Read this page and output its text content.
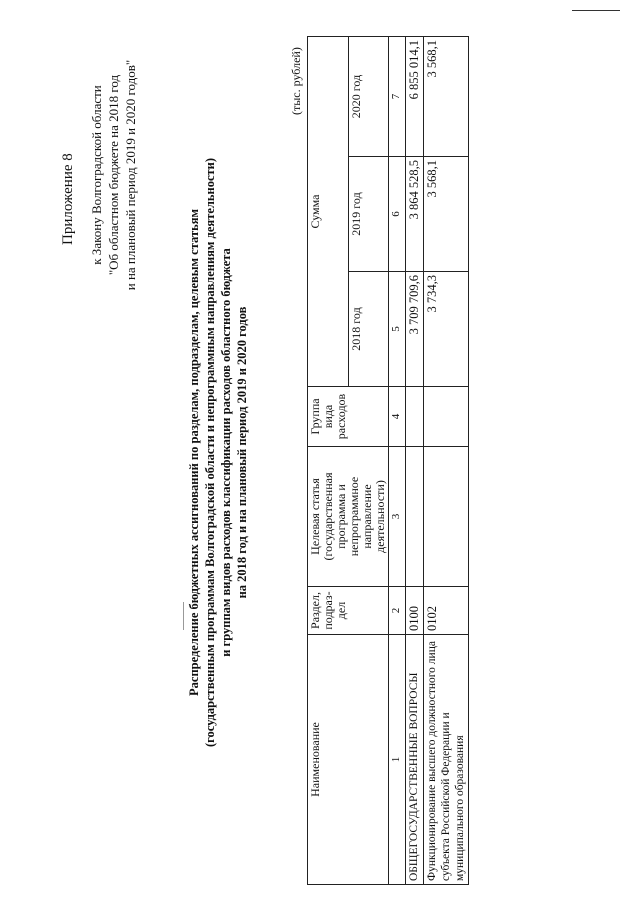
Приложение 8 к Закону Волгоградской области "Об областном бюджете на 2018 год и на плановый период 2019 и 2020 годов"
Распределение бюджетных ассигнований по разделам, подразделам, целевым статьям (государственным программам Волгоградской области и непрограммным направлениям деятельности) и группам видов расходов классификации расходов областного бюджета на 2018 год и на плановый период 2019 и 2020 годов
(тыс. рублей)
Наименование	Раздел, подраз-дел	Целевая статья (государственная программа и непрограммное направление деятельности)	Группа вида расходов	Сумма		
				2018 год	2019 год	2020 год
1	2	3	4	5	6	7
ОБЩЕГОСУДАРСТВЕННЫЕ ВОПРОСЫ	0100			3 709 709,6	3 864 528,5	6 855 014,1
Функционирование высшего должностного лица субъекта Российской Федерации и муниципального образования	0102			3 734,3	3 568,1	3 568,1
